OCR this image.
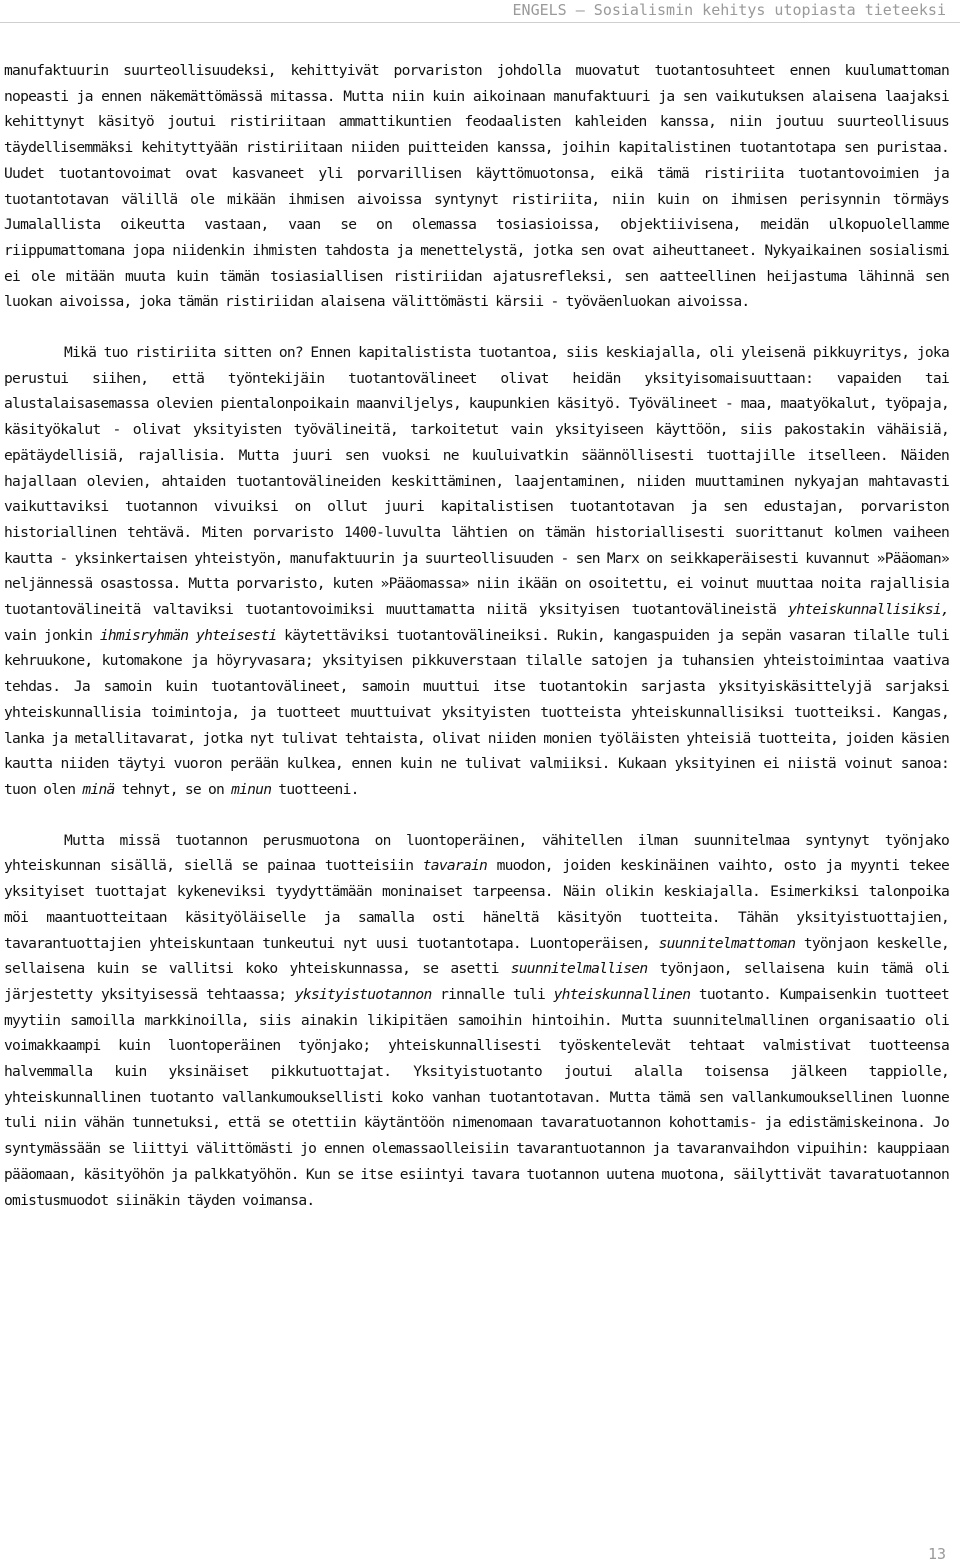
ENGELS – Sosialismin kehitys utopiasta tieteeksi

manufaktuurin suurteollisuudeksi, kehittyivät porvariston johdolla muovatut tuotantosuhteet ennen kuulumattoman nopeasti ja ennen näkemättömässä mitassa. Mutta niin kuin aikoinaan manufaktuuri ja sen vaikutuksen alaisena laajaksi kehittynyt käsityö joutui ristiriitaan ammattikuntien feodaalisten kahleiden kanssa, niin joutuu suurteollisuus täydellisemmäksi kehityttyään ristiriitaan niiden puitteiden kanssa, joihin kapitalistinen tuotantotapa sen puristaa. Uudet tuotantovoimat ovat kasvaneet yli porvarillisen käyttömuotonsa, eikä tämä ristiriita tuotantovoimien ja tuotantotavan välillä ole mikään ihmisen aivoissa syntynyt ristiriita, niin kuin on ihmisen perisynnin törmäys Jumalallista oikeutta vastaan, vaan se on olemassa tosiasioissa, objektiivisena, meidän ulkopuolellamme riippumattomana jopa niidenkin ihmisten tahdosta ja menettelystä, jotka sen ovat aiheuttaneet. Nykyaikainen sosialismi ei ole mitään muuta kuin tämän tosiasiallisen ristiriidan ajatusrefleksi, sen aatteellinen heijastuma lähinnä sen luokan aivoissa, joka tämän ristiriidan alaisena välittömästi kärsii - työväenluokan aivoissa.

Mikä tuo ristiriita sitten on? Ennen kapitalistista tuotantoa, siis keskiajalla, oli yleisenä pikkuyritys, joka perustui siihen, että työntekijäin tuotantovälineet olivat heidän yksityisomaisuuttaan: vapaiden tai alustalaisasemassa olevien pientalonpoikain maanviljelys, kaupunkien käsityö. Työvälineet - maa, maatyökalut, työpaja, käsityökalut - olivat yksityisten työvälineitä, tarkoitetut vain yksityiseen käyttöön, siis pakostakin vähäisiä, epätäydellisiä, rajallisia. Mutta juuri sen vuoksi ne kuuluivatkin säännöllisesti tuottajille itselleen. Näiden hajallaan olevien, ahtaiden tuotantovälineiden keskittäminen, laajentaminen, niiden muuttaminen nykyajan mahtavasti vaikuttaviksi tuotannon vivuiksi on ollut juuri kapitalistisen tuotantotavan ja sen edustajan, porvariston historiallinen tehtävä. Miten porvaristo 1400-luvulta lähtien on tämän historiallisesti suorittanut kolmen vaiheen kautta - yksinkertaisen yhteistyön, manufaktuurin ja suurteollisuuden - sen Marx on seikkaperäisesti kuvannut »Pääoman» neljännessä osastossa. Mutta porvaristo, kuten »Pääomassa» niin ikään on osoitettu, ei voinut muuttaa noita rajallisia tuotantovälineitä valtaviksi tuotantovoimiksi muuttamatta niitä yksityisen tuotantovälineistä yhteiskunnallisiksi, vain jonkin ihmisryhmän yhteisesti käytettäviksi tuotantovälineiksi. Rukin, kangaspuiden ja sepän vasaran tilalle tuli kehruukone, kutomakone ja höyryvasara; yksityisen pikkuverstaan tilalle satojen ja tuhansien yhteistoimintaa vaativa tehdas. Ja samoin kuin tuotantovälineet, samoin muuttui itse tuotantokin sarjasta yksityiskäsittelyjä sarjaksi yhteiskunnallisia toimintoja, ja tuotteet muuttuivat yksityisten tuotteista yhteiskunnallisiksi tuotteiksi. Kangas, lanka ja metallitavarat, jotka nyt tulivat tehtaista, olivat niiden monien työläisten yhteisiä tuotteita, joiden käsien kautta niiden täytyi vuoron perään kulkea, ennen kuin ne tulivat valmiiksi. Kukaan yksityinen ei niistä voinut sanoa: tuon olen minä tehnyt, se on minun tuotteeni.

Mutta missä tuotannon perusmuotona on luontoperäinen, vähitellen ilman suunnitelmaa syntynyt työnjako yhteiskunnan sisällä, siellä se painaa tuotteisiin tavarain muodon, joiden keskinäinen vaihto, osto ja myynti tekee yksityiset tuottajat kykeneviksi tyydyttämään moninaiset tarpeensa. Näin olikin keskiajalla. Esimerkiksi talonpoika möi maantuotteitaan käsityöläiselle ja samalla osti häneltä käsityön tuotteita. Tähän yksityistuottajien, tavarantuottajien yhteiskuntaan tunkeutui nyt uusi tuotantotapa. Luontoperäisen, suunnitelmattoman työnjaon keskelle, sellaisena kuin se vallitsi koko yhteiskunnassa, se asetti suunnitelmallisen työnjaon, sellaisena kuin tämä oli järjestetty yksityisessä tehtaassa; yksityistuotannon rinnalle tuli yhteiskunnallinen tuotanto. Kumpaisenkin tuotteet myytiin samoilla markkinoilla, siis ainakin likipitäen samoihin hintoihin. Mutta suunnitelmallinen organisaatio oli voimakkaampi kuin luontoperäinen työnjako; yhteiskunnallisesti työskentelevät tehtaat valmistivat tuotteensa halvemmalla kuin yksinäiset pikkutuottajat. Yksityistuotanto joutui alalla toisensa jälkeen tappiolle, yhteiskunnallinen tuotanto vallankumouksellisti koko vanhan tuotantotavan. Mutta tämä sen vallankumouksellinen luonne tuli niin vähän tunnetuksi, että se otettiin käytäntöön nimenomaan tavaratuotannon kohottamis- ja edistämiskeinona. Jo syntymässään se liittyi välittömästi jo ennen olemassaolleisiin tavarantuotannon ja tavaranvaihdon vipuihin: kauppiaan pääomaan, käsityöhön ja palkkatyöhön. Kun se itse esiintyi tavara tuotannon uutena muotona, säilyttivät tavaratuotannon omistusmuodot siinäkin täyden voimansa.

13
